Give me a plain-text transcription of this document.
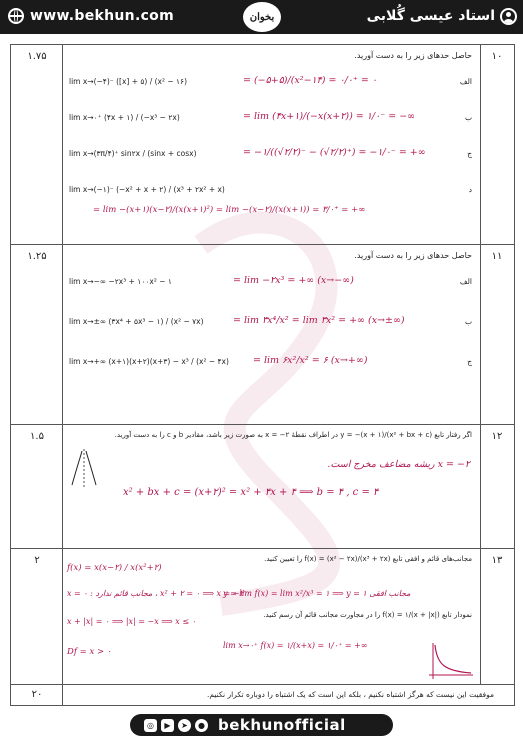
www.bekhun.com	بخوان	استاد عیسی گُلابی
۱.۷۵	۱۰
حاصل حدهای زیر را به دست آورید.
الف
lim x→(−۴)⁻ ([x] + ۵) / (x² − ۱۶)	= (−۵+۵)/(x²−۱۴) = ۰/۰⁺ = ۰
ب
lim x→۰⁺ (۴x + ۱) / (−x³ − ۲x)	= lim (۴x+۱)/(−x(x+۲)) = ۱/۰⁻ = −∞
ج
lim x→(۳π/۴)⁺ sin۲x / (sinx + cosx)	= −۱/((√۲/۲)⁻ − (√۲/۲)⁺) = −۱/۰⁻ = +∞
د
lim x→(−۱)⁻ (−x² + x + ۲) / (x³ + ۲x² + x)
= lim −(x+۱)(x−۲)/(x(x+۱)²) = lim −(x−۲)/(x(x+۱)) = ۳/۰⁺ = +∞
۱.۲۵	۱۱
حاصل حدهای زیر را به دست آورید.
الف
lim x→−∞ −۲x³ + ۱۰۰x² − ۱	= lim −۲x³ = +∞ (x→−∞)
ب
lim x→±∞ (۳x⁴ + ۵x³ − ۱) / (x² − ۷x)	= lim ۳x⁴/x² = lim ۳x² = +∞ (x→±∞)
ج
lim x→+∞ (x+۱)(x+۲)(x+۳) − x³ / (x² − ۴x)	= lim ۶x²/x² = ۶ (x→+∞)
۱.۵	۱۲
اگر رفتار تابع y = −(x + ۱)/(x² + bx + c) در اطراف نقطهٔ x = −۲ به صورت زیر باشد، مقادیر b و c را به دست آورید.
x = −۲ ریشه مضاعف مخرج است.
x² + bx + c = (x+۲)² = x² + ۴x + ۴ ⟹ b = ۴ , c = ۴
۲	۱۳
مجانب‌های قائم و افقی تابع f(x) = (x² − ۲x)/(x³ + ۲x) را تعیین کنید.
f(x) = x(x−۲) / x(x²+۲)
x = ۰ : مجانب قائم ندارد ، x² + ۲ = ۰ ⟹ x = −۲
y = lim f(x) = lim x²/x³ = ۱ ⟹ y = ۱ مجانب افقی
نمودار تابع f(x) = ۱/(x + |x|) را در مجاورت مجانب قائم آن رسم کنید.
x + |x| = ۰ ⟹ |x| = −x ⟹ x ≤ ۰
Df = x > ۰
lim x→۰⁺ f(x) = ۱/(x+x) = ۱/۰⁺ = +∞
۲۰	موفقیت این نیست که هرگز اشتباه نکنیم ، بلکه این است که یک اشتباه را دوباره تکرار نکنیم.
◎	▶	➤	● bekhunofficial
